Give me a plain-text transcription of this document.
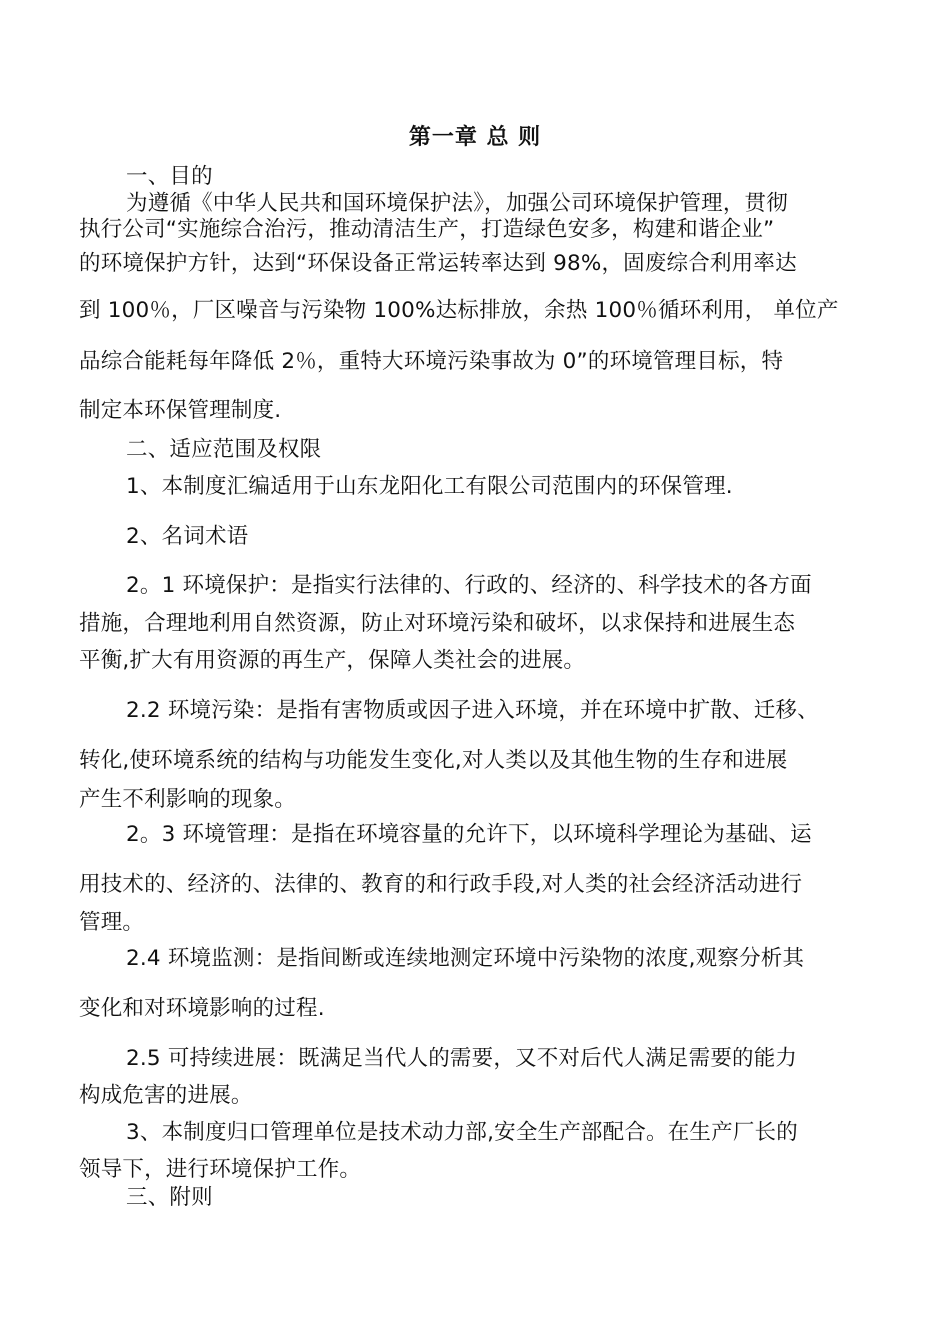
第一章 总 则
一、目的
为遵循《中华人民共和国环境保护法》，加强公司环境保护管理，贯彻
执行公司“实施综合治污，推动清洁生产，打造绿色安多，构建和谐企业”
的环境保护方针，达到“环保设备正常运转率达到 98%，固废综合利用率达
到 100％，厂区噪音与污染物 100%达标排放，余热 100％循环利用， 单位产
品综合能耗每年降低 2％，重特大环境污染事故为 0”的环境管理目标，特
制定本环保管理制度.
二、适应范围及权限
1、本制度汇编适用于山东龙阳化工有限公司范围内的环保管理.
2、名词术语
2。1 环境保护：是指实行法律的、行政的、经济的、科学技术的各方面
措施，合理地利用自然资源，防止对环境污染和破坏，以求保持和进展生态
平衡,扩大有用资源的再生产，保障人类社会的进展。
2.2 环境污染：是指有害物质或因子进入环境，并在环境中扩散、迁移、
转化,使环境系统的结构与功能发生变化,对人类以及其他生物的生存和进展
产生不利影响的现象。
2。3 环境管理：是指在环境容量的允许下，以环境科学理论为基础、运
用技术的、经济的、法律的、教育的和行政手段,对人类的社会经济活动进行
管理。
2.4 环境监测：是指间断或连续地测定环境中污染物的浓度,观察分析其
变化和对环境影响的过程.
2.5 可持续进展：既满足当代人的需要，又不对后代人满足需要的能力
构成危害的进展。
3、本制度归口管理单位是技术动力部,安全生产部配合。在生产厂长的
领导下，进行环境保护工作。
三、附则
